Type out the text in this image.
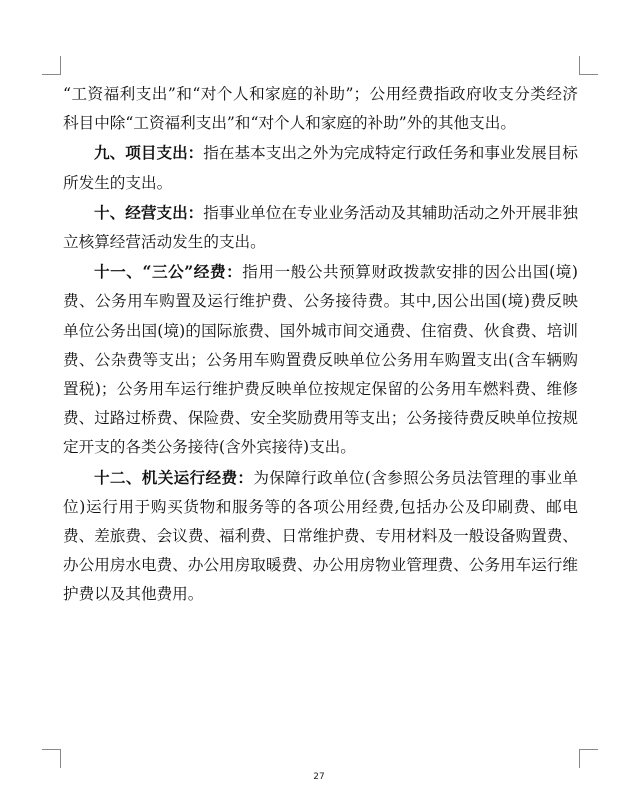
“工资福利支出”和“对个人和家庭的补助”；公用经费指政府收支分类经济科目中除“工资福利支出”和“对个人和家庭的补助”外的其他支出。

九、项目支出：指在基本支出之外为完成特定行政任务和事业发展目标所发生的支出。

十、经营支出：指事业单位在专业业务活动及其辅助活动之外开展非独立核算经营活动发生的支出。

十一、“三公”经费：指用一般公共预算财政拨款安排的因公出国(境)费、公务用车购置及运行维护费、公务接待费。其中,因公出国(境)费反映单位公务出国(境)的国际旅费、国外城市间交通费、住宿费、伙食费、培训费、公杂费等支出；公务用车购置费反映单位公务用车购置支出(含车辆购置税)；公务用车运行维护费反映单位按规定保留的公务用车燃料费、维修费、过路过桥费、保险费、安全奖励费用等支出；公务接待费反映单位按规定开支的各类公务接待(含外宾接待)支出。

十二、机关运行经费：为保障行政单位(含参照公务员法管理的事业单位)运行用于购买货物和服务等的各项公用经费,包括办公及印刷费、邮电费、差旅费、会议费、福利费、日常维护费、专用材料及一般设备购置费、办公用房水电费、办公用房取暖费、办公用房物业管理费、公务用车运行维护费以及其他费用。

27
